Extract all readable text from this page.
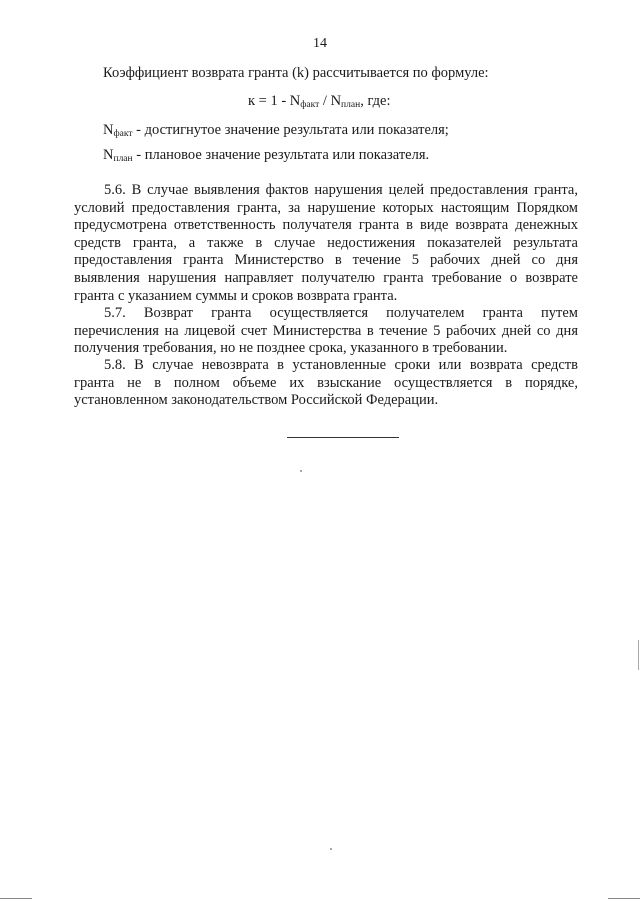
14
Коэффициент возврата гранта (k) рассчитывается по формуле:
$к = 1 - N_{факт} / N_{план}$, где:
$N_{факт}$ - достигнутое значение результата или показателя;
$N_{план}$ - плановое значение результата или показателя.

5.6. В случае выявления фактов нарушения целей предоставления гранта, условий предоставления гранта, за нарушение которых настоящим Порядком предусмотрена ответственность получателя гранта в виде возврата денежных средств гранта, а также в случае недостижения показателей результата предоставления гранта Министерство в течение 5 рабочих дней со дня выявления нарушения направляет получателю гранта требование о возврате гранта с указанием суммы и сроков возврата гранта.

5.7. Возврат гранта осуществляется получателем гранта путем перечисления на лицевой счет Министерства в течение 5 рабочих дней со дня получения требования, но не позднее срока, указанного в требовании.

5.8. В случае невозврата в установленные сроки или возврата средств гранта не в полном объеме их взыскание осуществляется в порядке, установленном законодательством Российской Федерации.
